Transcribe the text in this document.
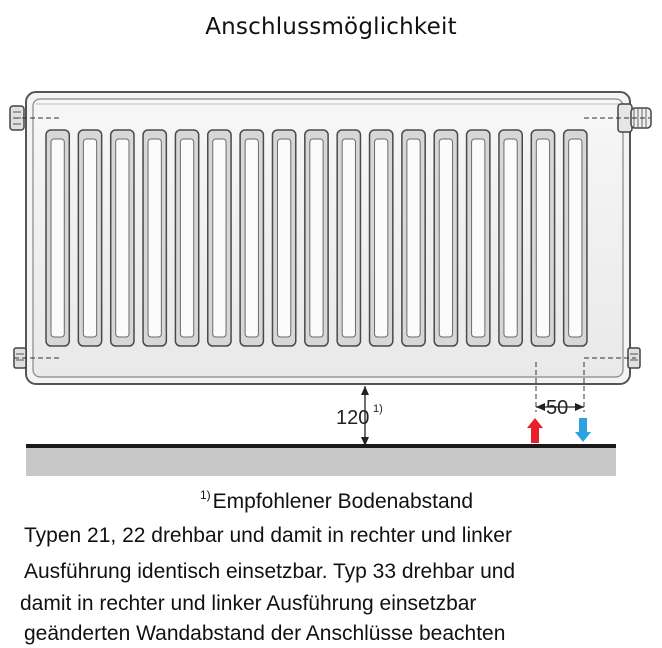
Anschlussmöglichkeit
120 1)	50
$^{1)}$Empfohlener Bodenabstand
Typen 21, 22 drehbar und damit in rechter und linker
Ausführung identisch einsetzbar. Typ 33 drehbar und
damit in rechter und linker Ausführung einsetzbar
geänderten Wandabstand der Anschlüsse beachten
